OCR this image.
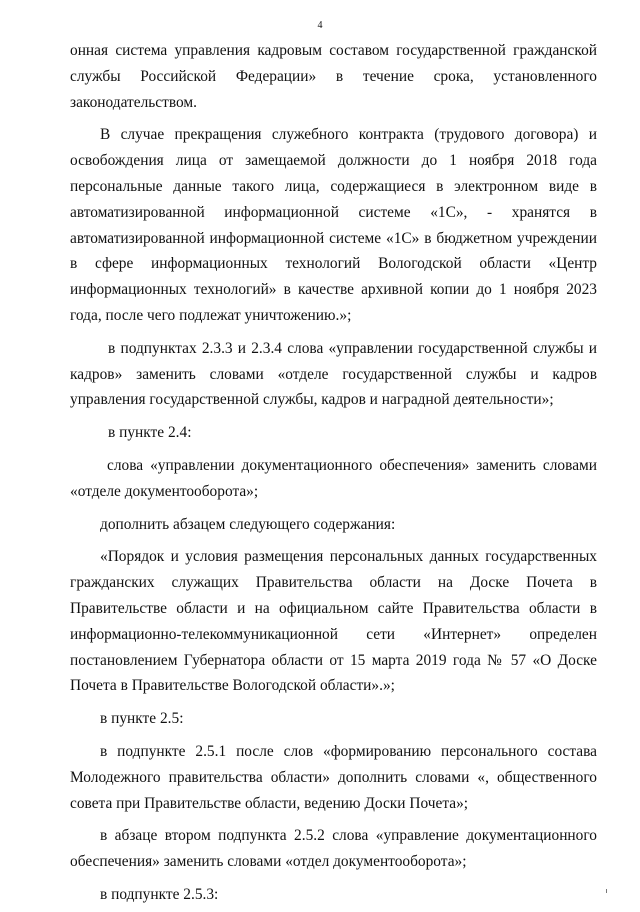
4

онная система управления кадровым составом государственной гражданской службы Российской Федерации» в течение срока, установленного законодательством.

В случае прекращения служебного контракта (трудового договора) и освобождения лица от замещаемой должности до 1 ноября 2018 года персональные данные такого лица, содержащиеся в электронном виде в автоматизированной информационной системе «1С», - хранятся в автоматизированной информационной системе «1С» в бюджетном учреждении в сфере информационных технологий Вологодской области «Центр информационных технологий» в качестве архивной копии до 1 ноября 2023 года, после чего подлежат уничтожению.»;

в подпунктах 2.3.3 и 2.3.4 слова «управлении государственной службы и кадров» заменить словами «отделе государственной службы и кадров управления государственной службы, кадров и наградной деятельности»;

в пункте 2.4:

слова «управлении документационного обеспечения» заменить словами «отделе документооборота»;

дополнить абзацем следующего содержания:

«Порядок и условия размещения персональных данных государственных гражданских служащих Правительства области на Доске Почета в Правительстве области и на официальном сайте Правительства области в информационно-телекоммуникационной сети «Интернет» определен постановлением Губернатора области от 15 марта 2019 года № 57 «О Доске Почета в Правительстве Вологодской области».»;

в пункте 2.5:

в подпункте 2.5.1 после слов «формированию персонального состава Молодежного правительства области» дополнить словами «, общественного совета при Правительстве области, ведению Доски Почета»;

в абзаце втором подпункта 2.5.2 слова «управление документационного обеспечения» заменить словами «отдел документооборота»;

в подпункте 2.5.3:
